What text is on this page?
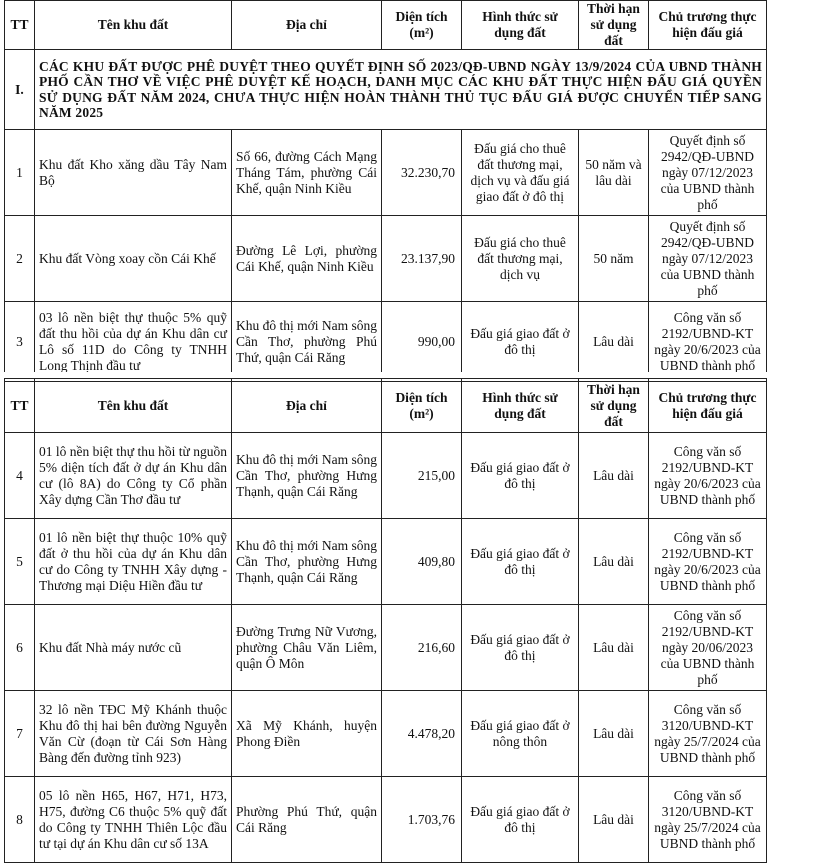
TT	Tên khu đất	Địa chỉ	Diện tích (m²)	Hình thức sử dụng đất	Thời hạn sử dụng đất	Chủ trương thực hiện đấu giá
I.	CÁC KHU ĐẤT ĐƯỢC PHÊ DUYỆT THEO QUYẾT ĐỊNH SỐ 2023/QĐ-UBND NGÀY 13/9/2024 CỦA UBND THÀNH PHỐ CẦN THƠ VỀ VIỆC PHÊ DUYỆT KẾ HOẠCH, DANH MỤC CÁC KHU ĐẤT THỰC HIỆN ĐẤU GIÁ QUYỀN SỬ DỤNG ĐẤT NĂM 2024, CHƯA THỰC HIỆN HOÀN THÀNH THỦ TỤC ĐẤU GIÁ ĐƯỢC CHUYỂN TIẾP SANG NĂM 2025					
1	Khu đất Kho xăng dầu Tây Nam Bộ	Số 66, đường Cách Mạng Tháng Tám, phường Cái Khế, quận Ninh Kiều	32.230,70	Đấu giá cho thuê đất thương mại, dịch vụ và đấu giá giao đất ở đô thị	50 năm và lâu dài	Quyết định số 2942/QĐ-UBND ngày 07/12/2023 của UBND thành phố
2	Khu đất Vòng xoay cồn Cái Khế	Đường Lê Lợi, phường Cái Khế, quận Ninh Kiều	23.137,90	Đấu giá cho thuê đất thương mại, dịch vụ	50 năm	Quyết định số 2942/QĐ-UBND ngày 07/12/2023 của UBND thành phố
3	03 lô nền biệt thự thuộc 5% quỹ đất thu hồi của dự án Khu dân cư Lô số 11D do Công ty TNHH Long Thịnh đầu tư	Khu đô thị mới Nam sông Cần Thơ, phường Phú Thứ, quận Cái Răng	990,00	Đấu giá giao đất ở đô thị	Lâu dài	Công văn số 2192/UBND-KT ngày 20/6/2023 của UBND thành phố
TT	Tên khu đất	Địa chỉ	Diện tích (m²)	Hình thức sử dụng đất	Thời hạn sử dụng đất	Chủ trương thực hiện đấu giá
4	01 lô nền biệt thự thu hồi từ nguồn 5% diện tích đất ở dự án Khu dân cư (lô 8A) do Công ty Cổ phần Xây dựng Cần Thơ đầu tư	Khu đô thị mới Nam sông Cần Thơ, phường Hưng Thạnh, quận Cái Răng	215,00	Đấu giá giao đất ở đô thị	Lâu dài	Công văn số 2192/UBND-KT ngày 20/6/2023 của UBND thành phố
5	01 lô nền biệt thự thuộc 10% quỹ đất ở thu hồi của dự án Khu dân cư do Công ty TNHH Xây dựng - Thương mại Diệu Hiền đầu tư	Khu đô thị mới Nam sông Cần Thơ, phường Hưng Thạnh, quận Cái Răng	409,80	Đấu giá giao đất ở đô thị	Lâu dài	Công văn số 2192/UBND-KT ngày 20/6/2023 của UBND thành phố
6	Khu đất Nhà máy nước cũ	Đường Trưng Nữ Vương, phường Châu Văn Liêm, quận Ô Môn	216,60	Đấu giá giao đất ở đô thị	Lâu dài	Công văn số 2192/UBND-KT ngày 20/06/2023 của UBND thành phố
7	32 lô nền TĐC Mỹ Khánh thuộc Khu đô thị hai bên đường Nguyễn Văn Cừ (đoạn từ Cái Sơn Hàng Bàng đến đường tỉnh 923)	Xã Mỹ Khánh, huyện Phong Điền	4.478,20	Đấu giá giao đất ở nông thôn	Lâu dài	Công văn số 3120/UBND-KT ngày 25/7/2024 của UBND thành phố
8	05 lô nền H65, H67, H71, H73, H75, đường C6 thuộc 5% quỹ đất do Công ty TNHH Thiên Lộc đầu tư tại dự án Khu dân cư số 13A	Phường Phú Thứ, quận Cái Răng	1.703,76	Đấu giá giao đất ở đô thị	Lâu dài	Công văn số 3120/UBND-KT ngày 25/7/2024 của UBND thành phố
